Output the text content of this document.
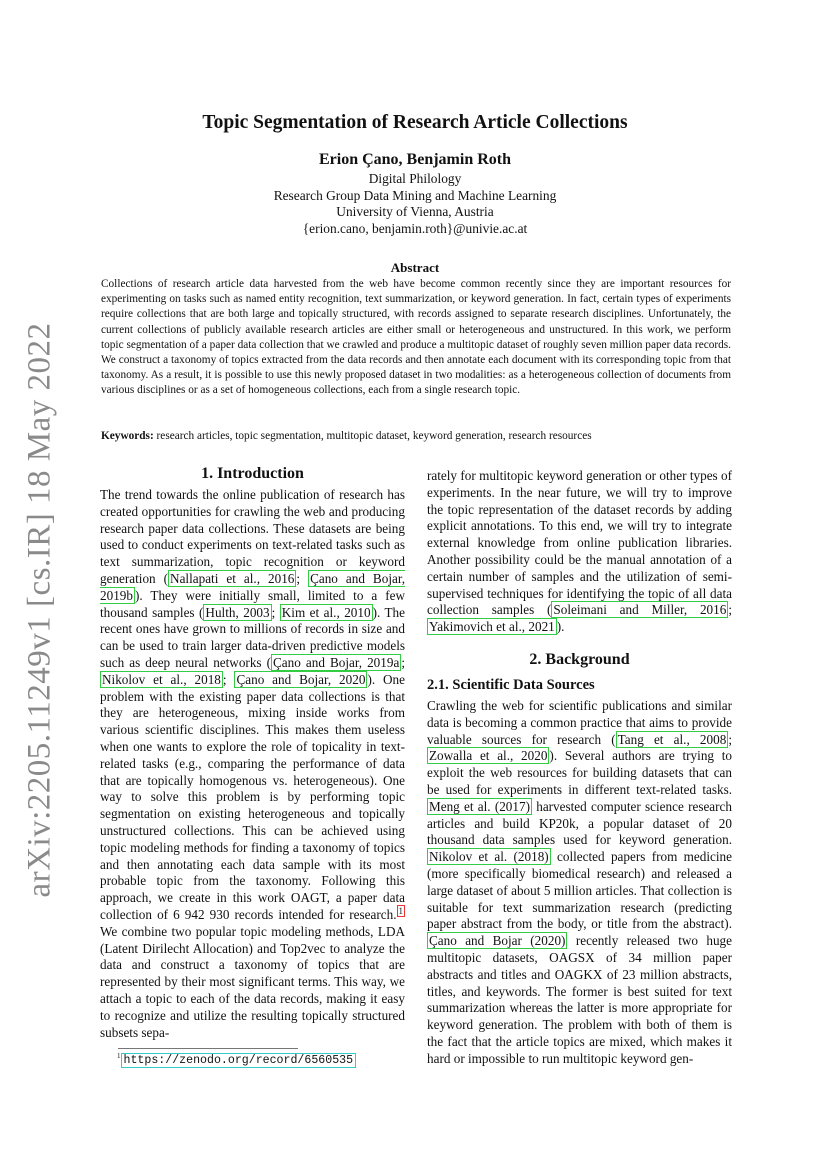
arXiv:2205.11249v1 [cs.IR] 18 May 2022
Topic Segmentation of Research Article Collections
Erion Çano, Benjamin Roth
Digital Philology
Research Group Data Mining and Machine Learning
University of Vienna, Austria
{erion.cano, benjamin.roth}@univie.ac.at
Abstract
Collections of research article data harvested from the web have become common recently since they are important resources for experimenting on tasks such as named entity recognition, text summarization, or keyword generation. In fact, certain types of experiments require collections that are both large and topically structured, with records assigned to separate research disciplines. Unfortunately, the current collections of publicly available research articles are either small or heterogeneous and unstructured. In this work, we perform topic segmentation of a paper data collection that we crawled and produce a multitopic dataset of roughly seven million paper data records. We construct a taxonomy of topics extracted from the data records and then annotate each document with its corresponding topic from that taxonomy. As a result, it is possible to use this newly proposed dataset in two modalities: as a heterogeneous collection of documents from various disciplines or as a set of homogeneous collections, each from a single research topic.
Keywords: research articles, topic segmentation, multitopic dataset, keyword generation, research resources
1. Introduction

The trend towards the online publication of research has created opportunities for crawling the web and producing research paper data collections. These datasets are being used to conduct experiments on text-related tasks such as text summarization, topic recognition or keyword generation ( Nallapati et al., 2016 ; Çano and Bojar, 2019b ). They were initially small, limited to a few thousand samples ( Hulth, 2003 ; Kim et al., 2010 ). The recent ones have grown to millions of records in size and can be used to train larger data-driven predictive models such as deep neural networks ( Çano and Bojar, 2019a ; Nikolov et al., 2018 ; Çano and Bojar, 2020 ). One problem with the existing paper data collections is that they are heterogeneous, mixing inside works from various scientific disciplines. This makes them useless when one wants to explore the role of topicality in text-related tasks (e.g., comparing the performance of data that are topically homogenous vs. heterogeneous). One way to solve this problem is by performing topic segmentation on existing heterogeneous and topically unstructured collections. This can be achieved using topic modeling methods for finding a taxonomy of topics and then annotating each data sample with its most probable topic from the taxonomy. Following this approach, we create in this work OAGT, a paper data collection of 6 942 930 records intended for research. $^1$ We combine two popular topic modeling methods, LDA (Latent Dirilecht Allocation) and Top2vec to analyze the data and construct a taxonomy of topics that are represented by their most significant terms. This way, we attach a topic to each of the data records, making it easy to recognize and utilize the resulting topically structured subsets sepa-

rately for multitopic keyword generation or other types of experiments. In the near future, we will try to improve the topic representation of the dataset records by adding explicit annotations. To this end, we will try to integrate external knowledge from online publication libraries. Another possibility could be the manual annotation of a certain number of samples and the utilization of semi-supervised techniques for identifying the topic of all data collection samples ( Soleimani and Miller, 2016 ; Yakimovich et al., 2021 ).

2. Background
2.1. Scientific Data Sources

Crawling the web for scientific publications and similar data is becoming a common practice that aims to provide valuable sources for research ( Tang et al., 2008 ; Zowalla et al., 2020 ). Several authors are trying to exploit the web resources for building datasets that can be used for experiments in different text-related tasks. Meng et al. (2017) harvested computer science research articles and build KP20k, a popular dataset of 20 thousand data samples used for keyword generation. Nikolov et al. (2018) collected papers from medicine (more specifically biomedical research) and released a large dataset of about 5 million articles. That collection is suitable for text summarization research (predicting paper abstract from the body, or title from the abstract). Çano and Bojar (2020) recently released two huge multitopic datasets, OAGSX of 34 million paper abstracts and titles and OAGKX of 23 million abstracts, titles, and keywords. The former is best suited for text summarization whereas the latter is more appropriate for keyword generation. The problem with both of them is the fact that the article topics are mixed, which makes it hard or impossible to run multitopic keyword gen-

$^1$ https://zenodo.org/record/6560535
